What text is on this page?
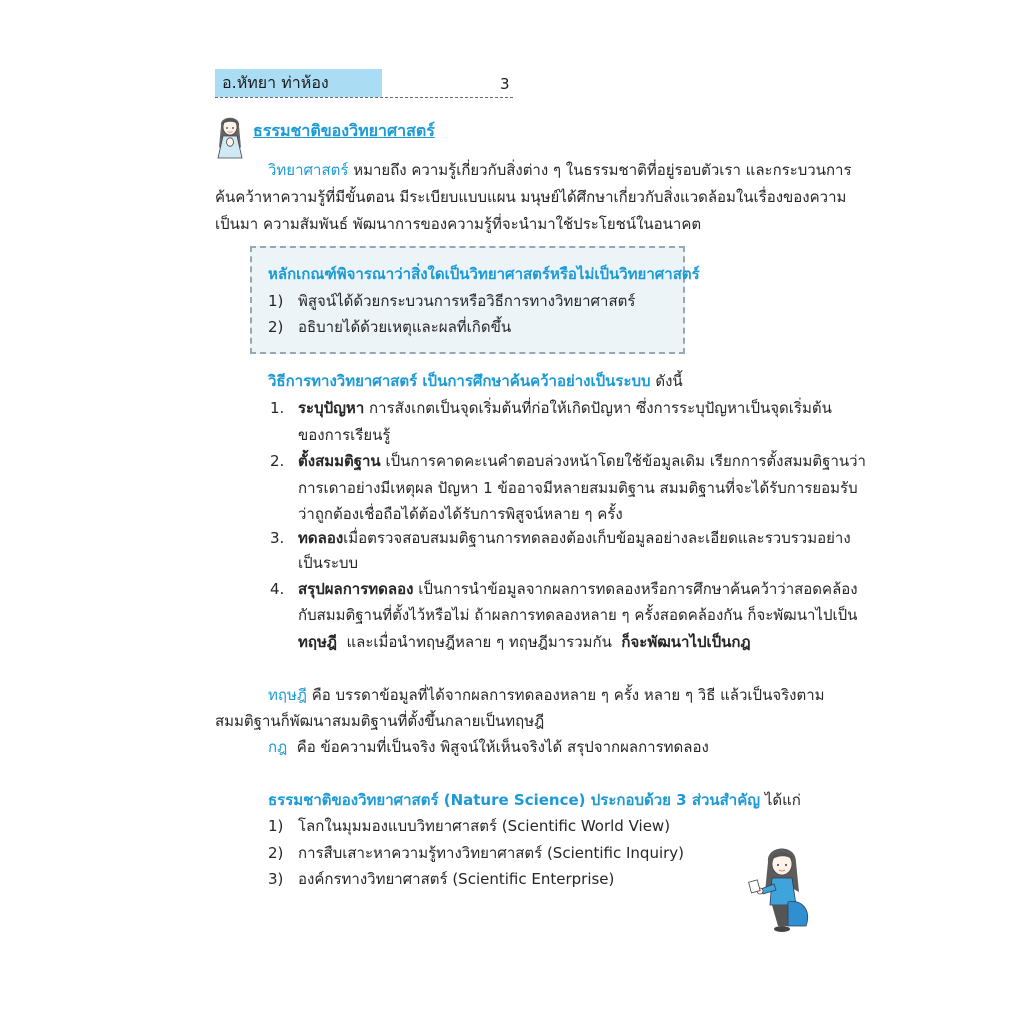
อ.หัทยา ท่าห้อง	3
ธรรมชาติของวิทยาศาสตร์
วิทยาศาสตร์ หมายถึง ความรู้เกี่ยวกับสิ่งต่าง ๆ ในธรรมชาติที่อยู่รอบตัวเรา และกระบวนการ
ค้นคว้าหาความรู้ที่มีขั้นตอน มีระเบียบแบบแผน มนุษย์ได้ศึกษาเกี่ยวกับสิ่งแวดล้อมในเรื่องของความ
เป็นมา ความสัมพันธ์ พัฒนาการของความรู้ที่จะนำมาใช้ประโยชน์ในอนาคต
หลักเกณฑ์พิจารณาว่าสิ่งใดเป็นวิทยาศาสตร์หรือไม่เป็นวิทยาศาสตร์
1) พิสูจน์ได้ด้วยกระบวนการหรือวิธีการทางวิทยาศาสตร์
2) อธิบายได้ด้วยเหตุและผลที่เกิดขึ้น
วิธีการทางวิทยาศาสตร์ เป็นการศึกษาค้นคว้าอย่างเป็นระบบ ดังนี้
1. ระบุปัญหา การสังเกตเป็นจุดเริ่มต้นที่ก่อให้เกิดปัญหา ซึ่งการระบุปัญหาเป็นจุดเริ่มต้น
ของการเรียนรู้
2. ตั้งสมมติฐาน เป็นการคาดคะเนคำตอบล่วงหน้าโดยใช้ข้อมูลเดิม เรียกการตั้งสมมติฐานว่า
การเดาอย่างมีเหตุผล ปัญหา 1 ข้ออาจมีหลายสมมติฐาน สมมติฐานที่จะได้รับการยอมรับ
ว่าถูกต้องเชื่อถือได้ต้องได้รับการพิสูจน์หลาย ๆ ครั้ง
3. ทดลองเมื่อตรวจสอบสมมติฐานการทดลองต้องเก็บข้อมูลอย่างละเอียดและรวบรวมอย่าง
เป็นระบบ
4. สรุปผลการทดลอง เป็นการนำข้อมูลจากผลการทดลองหรือการศึกษาค้นคว้าว่าสอดคล้อง
กับสมมติฐานที่ตั้งไว้หรือไม่ ถ้าผลการทดลองหลาย ๆ ครั้งสอดคล้องกัน ก็จะพัฒนาไปเป็น
ทฤษฎี และเมื่อนำทฤษฎีหลาย ๆ ทฤษฎีมารวมกัน ก็จะพัฒนาไปเป็นกฎ
ทฤษฎี คือ บรรดาข้อมูลที่ได้จากผลการทดลองหลาย ๆ ครั้ง หลาย ๆ วิธี แล้วเป็นจริงตาม
สมมติฐานก็พัฒนาสมมติฐานที่ตั้งขึ้นกลายเป็นทฤษฎี
กฎ คือ ข้อความที่เป็นจริง พิสูจน์ให้เห็นจริงได้ สรุปจากผลการทดลอง
ธรรมชาติของวิทยาศาสตร์ (Nature Science) ประกอบด้วย 3 ส่วนสำคัญ ได้แก่
1) โลกในมุมมองแบบวิทยาศาสตร์ (Scientific World View)
2) การสืบเสาะหาความรู้ทางวิทยาศาสตร์ (Scientific Inquiry)
3) องค์กรทางวิทยาศาสตร์ (Scientific Enterprise)
